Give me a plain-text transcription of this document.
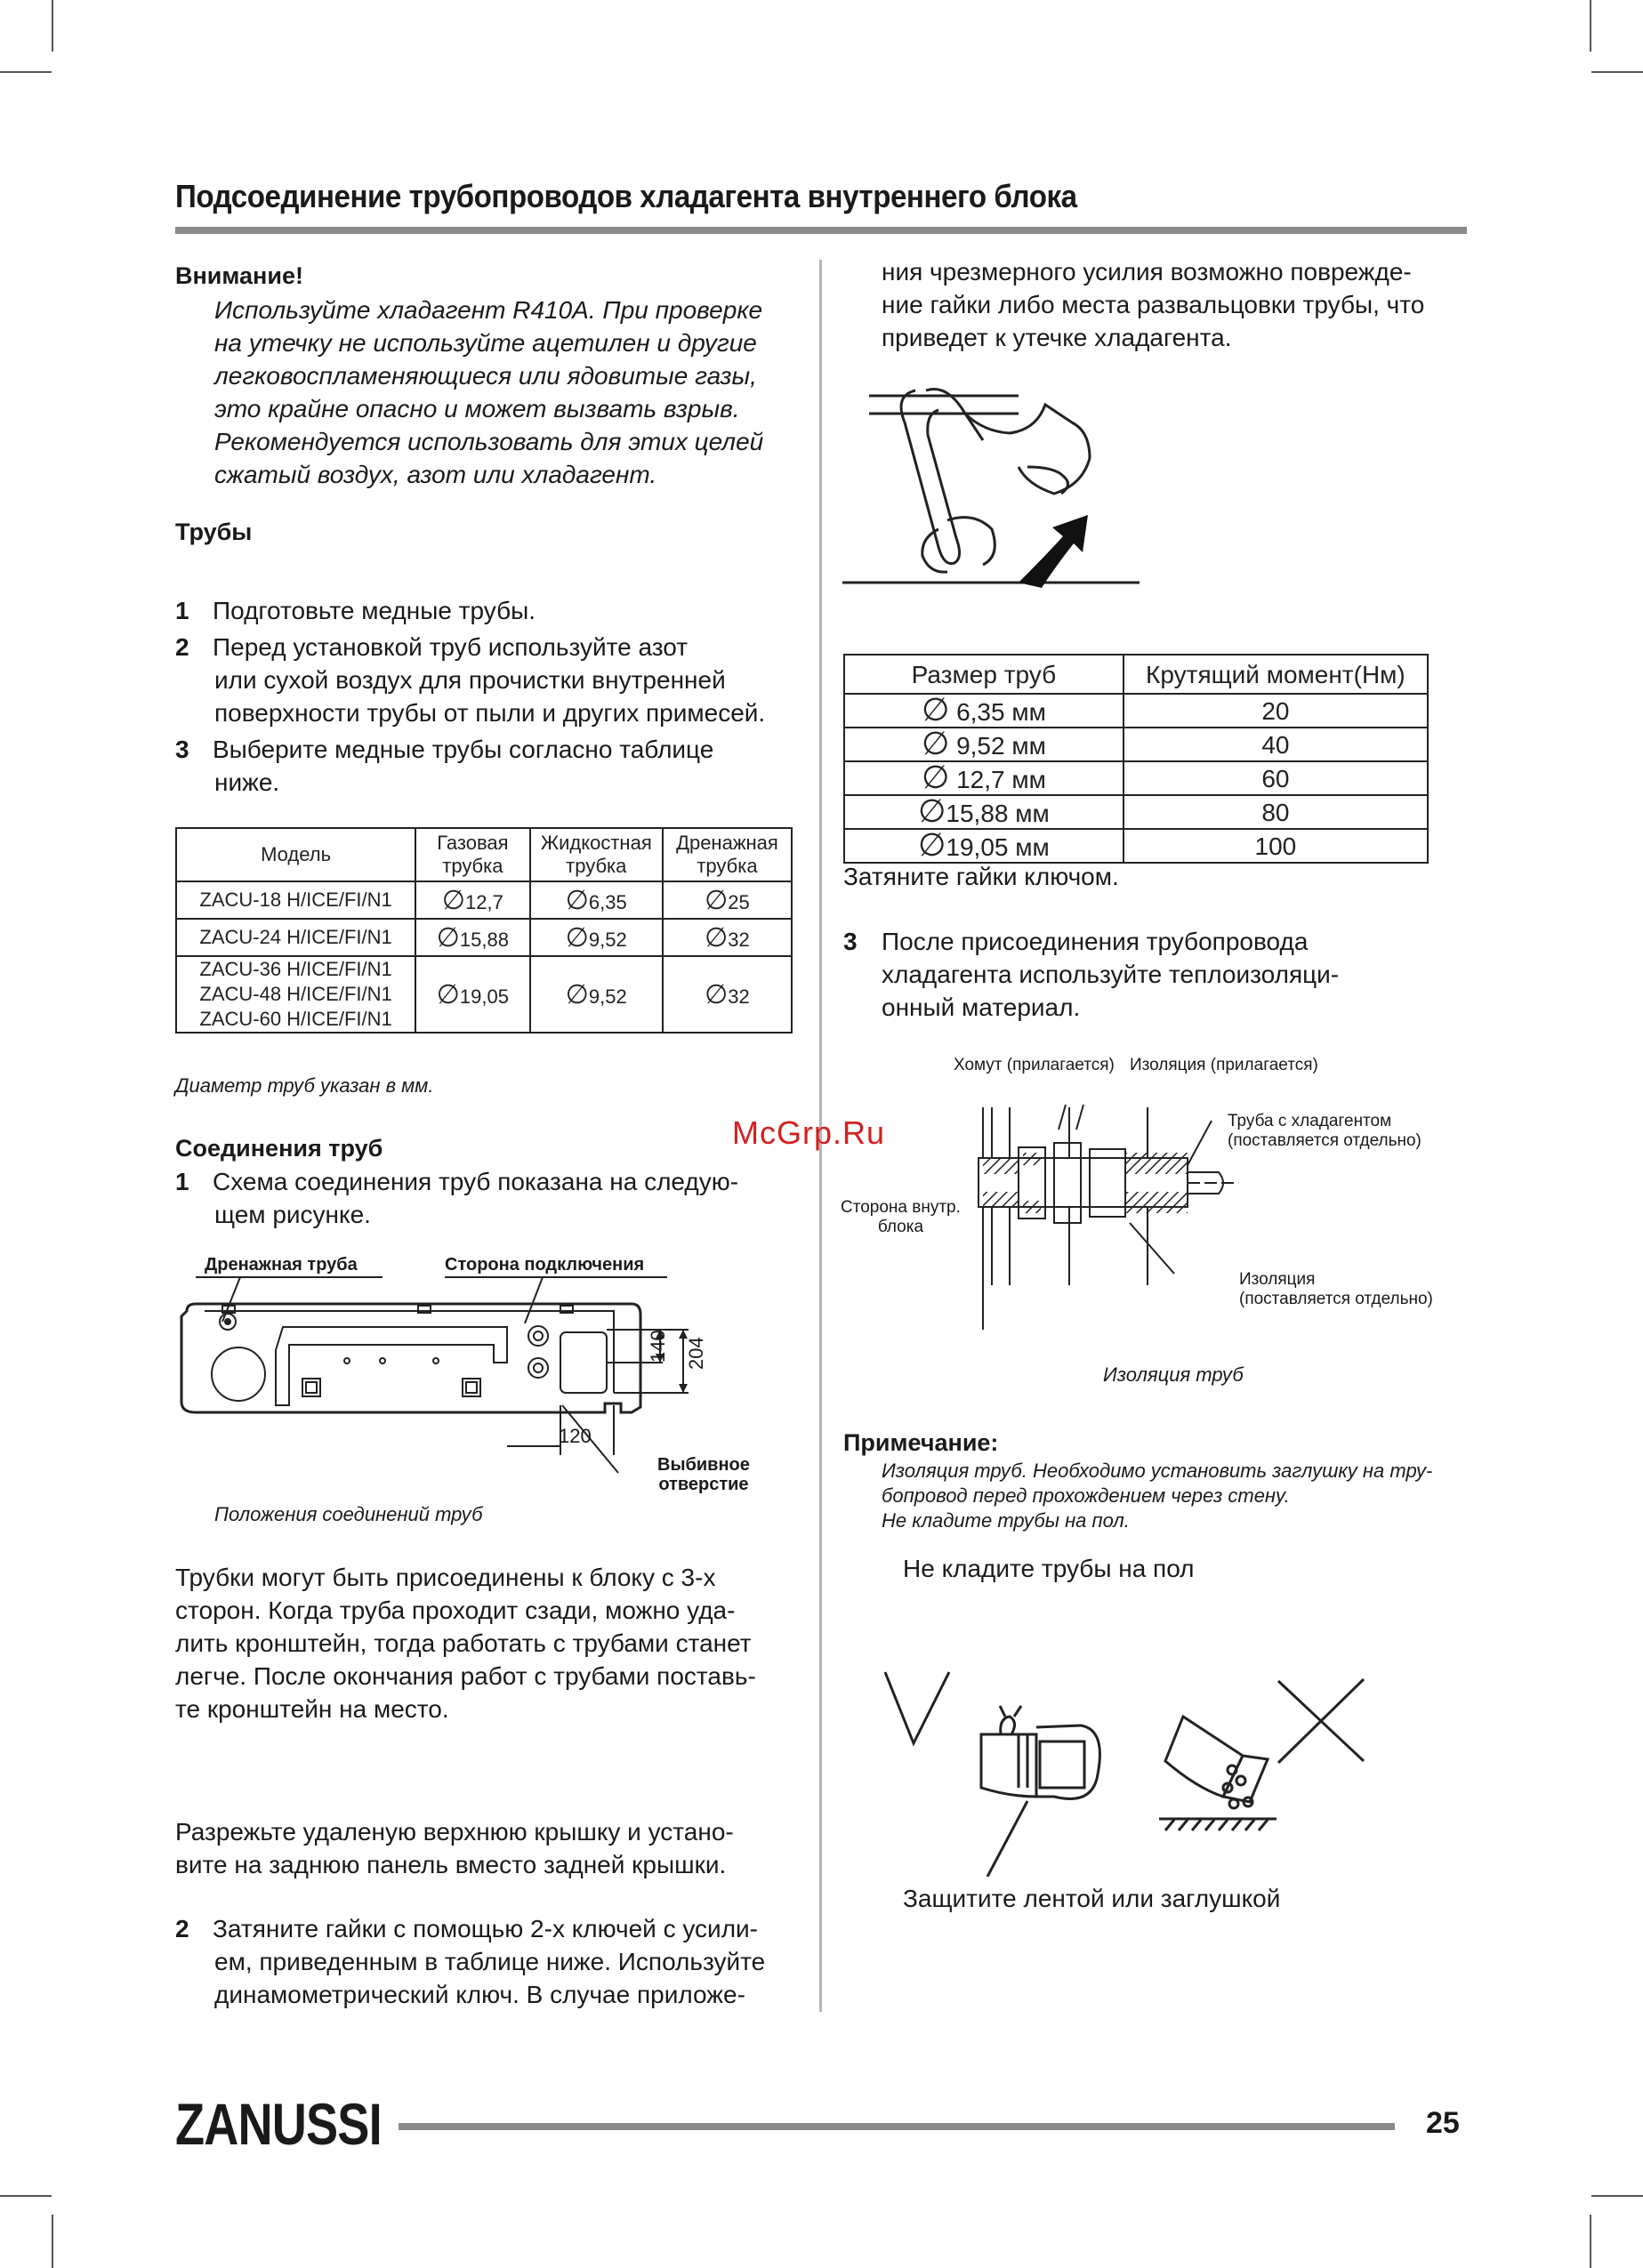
Подсоединение трубопроводов хладагента внутреннего блока
Внимание!
Используйте хладагент R410A. При проверке
на утечку не используйте ацетилен и другие
легковоспламеняющиеся или ядовитые газы,
это крайне опасно и может вызвать взрыв.
Рекомендуется использовать для этих целей
сжатый воздух, азот или хладагент.
Трубы
1 Подготовьте медные трубы.
2 Перед установкой труб используйте азот
или сухой воздух для прочистки внутренней
поверхности трубы от пыли и других примесей.
3 Выберите медные трубы согласно таблице
ниже.
Модель	Газовая трубка	Жидкостная трубка	Дренажная трубка
ZACU-18 H/ICE/FI/N1	∅12,7	∅6,35	∅25
ZACU-24 H/ICE/FI/N1	∅15,88	∅9,52	∅32
ZACU-36 H/ICE/FI/N1
ZACU-48 H/ICE/FI/N1
ZACU-60 H/ICE/FI/N1	∅19,05	∅9,52	∅32
Диаметр труб указан в мм.
Соединения труб
1 Схема соединения труб показана на следую-
щем рисунке.
Дренажная труба	Сторона подключения
120
140 204
Выбивное
отверстие
Положения соединений труб
Трубки могут быть присоединены к блоку с 3-х
сторон. Когда труба проходит сзади, можно уда-
лить кронштейн, тогда работать с трубами станет
легче. После окончания работ с трубами поставь-
те кронштейн на место.
Разрежьте удаленую верхнюю крышку и устано-
вите на заднюю панель вместо задней крышки.
2 Затяните гайки с помощью 2-х ключей с усили-
ем, приведенным в таблице ниже. Используйте
динамометрический ключ. В случае приложе-
ния чрезмерного усилия возможно поврежде-
ние гайки либо места развальцовки трубы, что
приведет к утечке хладагента.
Размер труб	Крутящий момент(Нм)
∅ 6,35 мм	20
∅ 9,52 мм	40
∅ 12,7 мм	60
∅15,88 мм	80
∅19,05 мм	100
Затяните гайки ключом.
3 После присоединения трубопровода
хладагента используйте теплоизоляци-
онный материал.
Хомут (прилагается) Изоляция (прилагается)
Труба с хладагентом
(поставляется отдельно)
Сторона внутр.
блока
Изоляция
(поставляется отдельно)
Изоляция труб
Примечание:
Изоляция труб. Необходимо установить заглушку на тру-
бопровод перед прохождением через стену.
Не кладите трубы на пол.
Не кладите трубы на пол
Защитите лентой или заглушкой
McGrp.Ru
ZANUSSI	25
